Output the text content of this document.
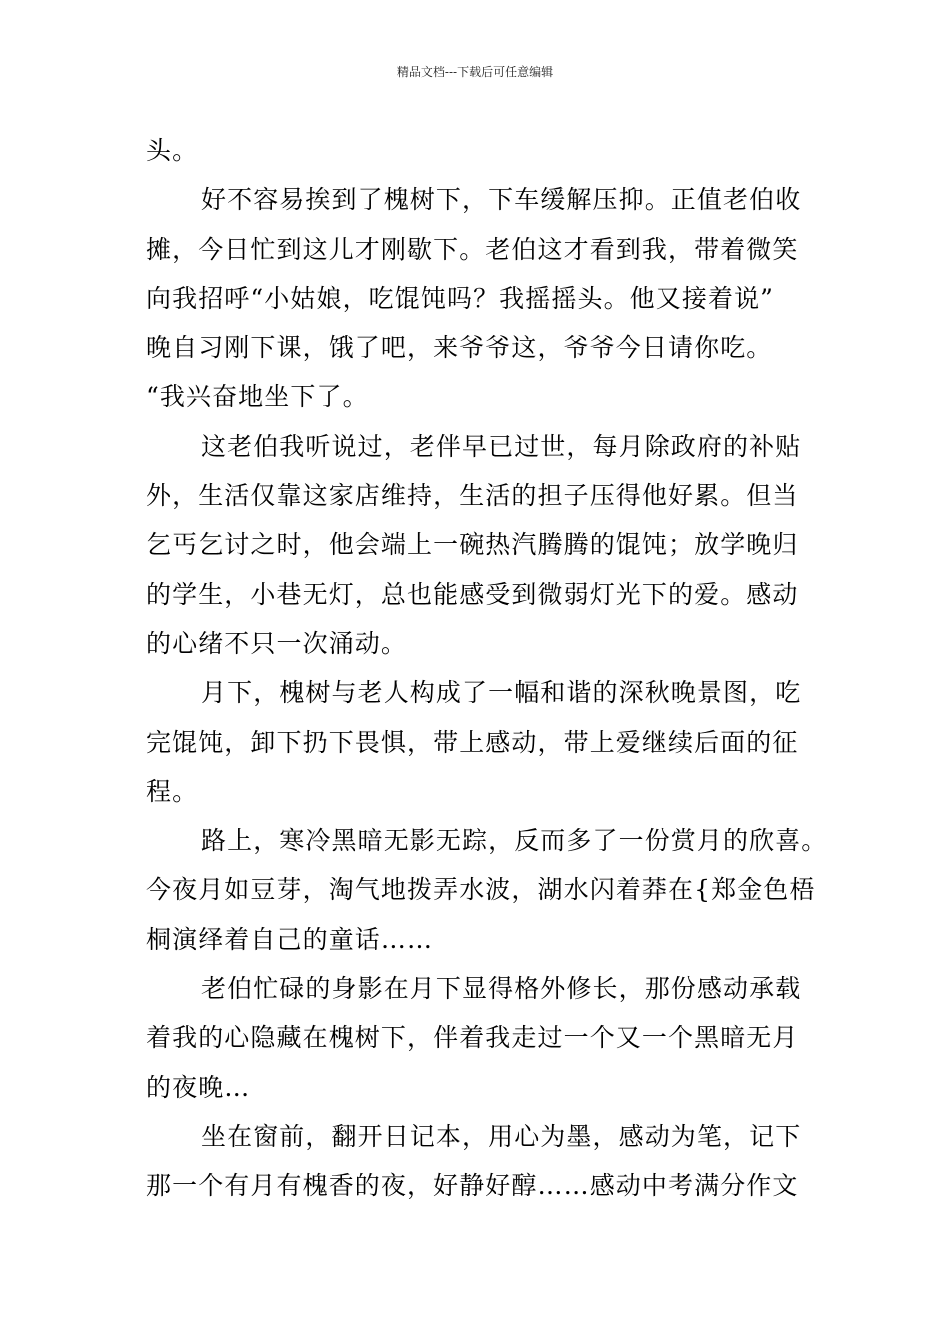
精品文档---下载后可任意编辑
头。
好不容易挨到了槐树下，下车缓解压抑。正值老伯收
摊，今日忙到这儿才刚歇下。老伯这才看到我，带着微笑
向我招呼“小姑娘，吃馄饨吗？我摇摇头。他又接着说”
晚自习刚下课，饿了吧，来爷爷这，爷爷今日请你吃。
“我兴奋地坐下了。
这老伯我听说过，老伴早已过世，每月除政府的补贴
外，生活仅靠这家店维持，生活的担子压得他好累。但当
乞丐乞讨之时，他会端上一碗热汽腾腾的馄饨；放学晚归
的学生，小巷无灯，总也能感受到微弱灯光下的爱。感动
的心绪不只一次涌动。
月下，槐树与老人构成了一幅和谐的深秋晚景图，吃
完馄饨，卸下扔下畏惧，带上感动，带上爱继续后面的征
程。
路上，寒冷黑暗无影无踪，反而多了一份赏月的欣喜。
今夜月如豆芽，淘气地拨弄水波，湖水闪着莽在{郑金色梧
桐演绎着自己的童话……
老伯忙碌的身影在月下显得格外修长，那份感动承载
着我的心隐藏在槐树下，伴着我走过一个又一个黑暗无月
的夜晚…
坐在窗前，翻开日记本，用心为墨，感动为笔，记下
那一个有月有槐香的夜，好静好醇……感动中考满分作文
